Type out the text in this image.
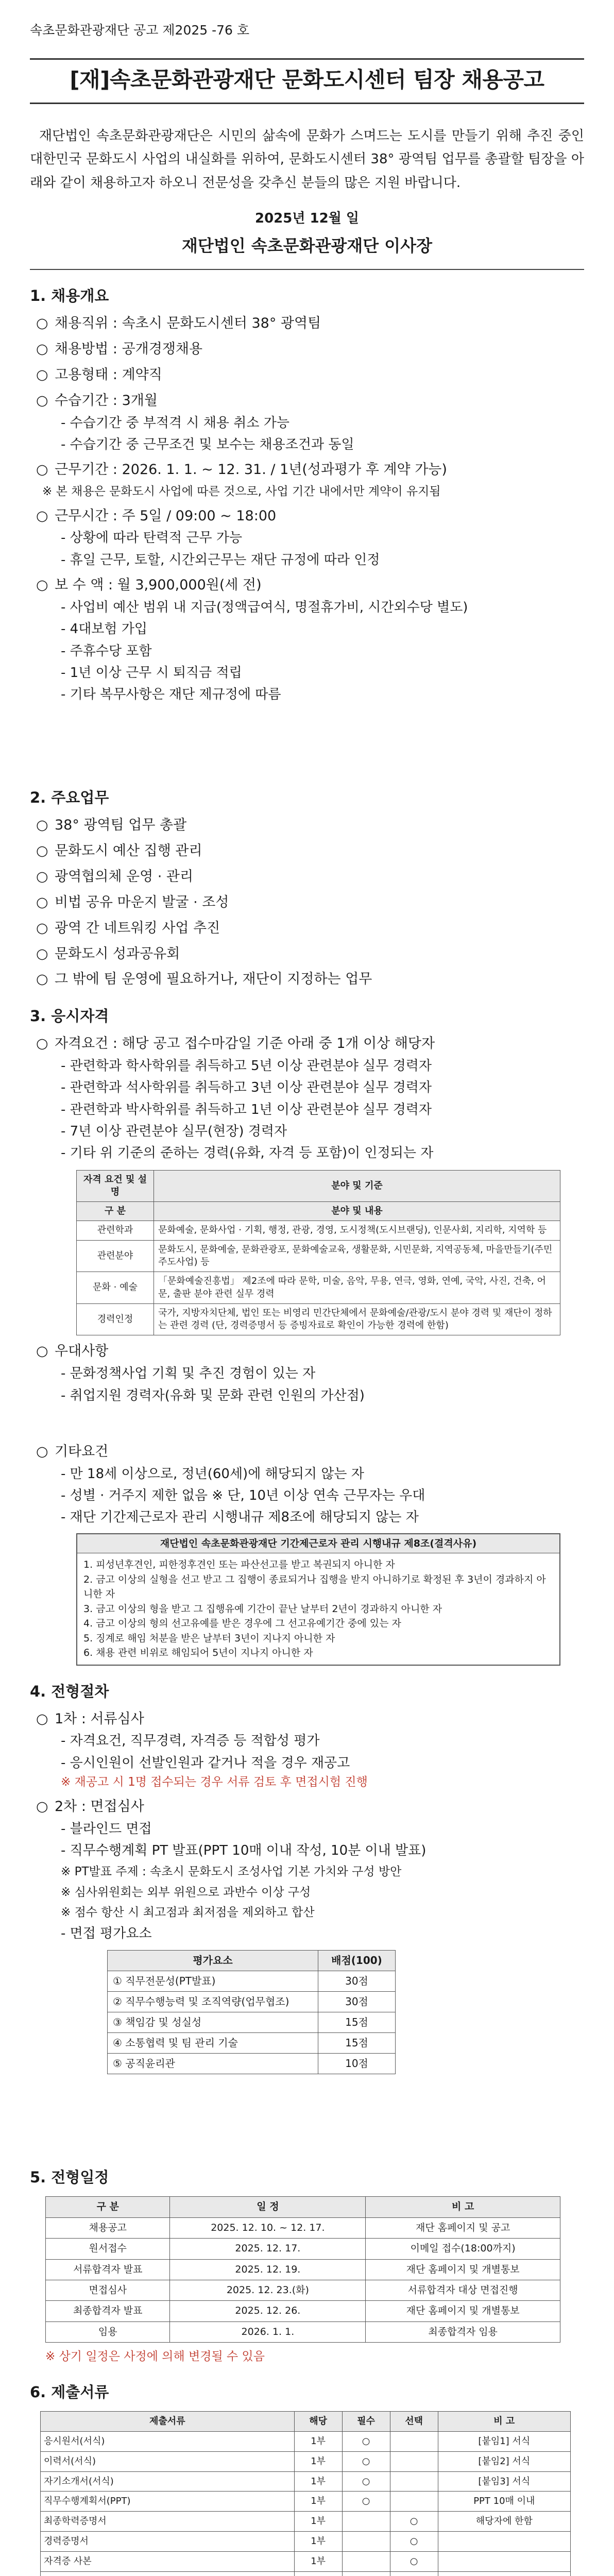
속초문화관광재단 공고 제2025 -76 호
[재]속초문화관광재단 문화도시센터 팀장 채용공고
재단법인 속초문화관광재단은 시민의 삶속에 문화가 스며드는 도시를 만들기 위해 추진 중인 대한민국 문화도시 사업의 내실화를 위하여, 문화도시센터 38° 광역팀 업무를 총괄할 팀장을 아래와 같이 채용하고자 하오니 전문성을 갖추신 분들의 많은 지원 바랍니다.
2025년 12월 일
재단법인 속초문화관광재단 이사장
1. 채용개요
○ 채용직위 : 속초시 문화도시센터 38° 광역팀
○ 채용방법 : 공개경쟁채용
○ 고용형태 : 계약직
○ 수습기간 : 3개월
- 수습기간 중 부적격 시 채용 취소 가능
- 수습기간 중 근무조건 및 보수는 채용조건과 동일
○ 근무기간 : 2026. 1. 1. ~ 12. 31. / 1년(성과평가 후 계약 가능)
※ 본 채용은 문화도시 사업에 따른 것으로, 사업 기간 내에서만 계약이 유지됨
○ 근무시간 : 주 5일 / 09:00 ~ 18:00
- 상황에 따라 탄력적 근무 가능
- 휴일 근무, 토할, 시간외근무는 재단 규정에 따라 인정
○ 보 수 액 : 월 3,900,000원(세 전)
- 사업비 예산 범위 내 지급(정액급여식, 명절휴가비, 시간외수당 별도)
- 4대보험 가입
- 주휴수당 포함
- 1년 이상 근무 시 퇴직금 적립
- 기타 복무사항은 재단 제규정에 따름
2. 주요업무
○ 38° 광역팀 업무 총괄
○ 문화도시 예산 집행 관리
○ 광역협의체 운영 · 관리
○ 비법 공유 마운지 발굴 · 조성
○ 광역 간 네트워킹 사업 추진
○ 문화도시 성과공유회
○ 그 밖에 팀 운영에 필요하거나, 재단이 지정하는 업무
3. 응시자격
○ 자격요건 : 해당 공고 접수마감일 기준 아래 중 1개 이상 해당자
- 관련학과 학사학위를 취득하고 5년 이상 관련분야 실무 경력자
- 관련학과 석사학위를 취득하고 3년 이상 관련분야 실무 경력자
- 관련학과 박사학위를 취득하고 1년 이상 관련분야 실무 경력자
- 7년 이상 관련분야 실무(현장) 경력자
- 기타 위 기준의 준하는 경력(유화, 자격 등 포함)이 인정되는 자
자격 요건 및 설명	분야 및 기준
구 분	분야 및 내용
관련학과	문화예술, 문화사업 · 기획, 행정, 관광, 경영, 도시정책(도시브랜딩), 인문사회, 지리학, 지역학 등
관련분야	문화도시, 문화예술, 문화관광포, 문화예술교육, 생활문화, 시민문화, 지역공동체, 마을만들기(주민주도사업) 등
문화 · 예술	「문화예술진흥법」 제2조에 따라 문학, 미술, 음악, 무용, 연극, 영화, 연예, 국악, 사진, 건축, 어문, 출판 분야 관련 실무 경력
경력인정	국가, 지방자치단체, 법인 또는 비영리 민간단체에서 문화예술/관광/도시 분야 경력 및 재단이 정하는 관련 경력 (단, 경력증명서 등 증빙자료로 확인이 가능한 경력에 한함)
○ 우대사항
- 문화정책사업 기획 및 추진 경험이 있는 자
- 취업지원 경력자(유화 및 문화 관련 인원의 가산점)
○ 기타요건
- 만 18세 이상으로, 정년(60세)에 해당되지 않는 자
- 성별 · 거주지 제한 없음 ※ 단, 10년 이상 연속 근무자는 우대
- 재단 기간제근로자 관리 시행내규 제8조에 해당되지 않는 자
재단법인 속초문화관광재단 기간제근로자 관리 시행내규 제8조(결격사유)
1. 피성년후견인, 피한정후견인 또는 파산선고를 받고 복권되지 아니한 자
2. 금고 이상의 실형을 선고 받고 그 집행이 종료되거나 집행을 받지 아니하기로 확정된 후 3년이 경과하지 아니한 자
3. 금고 이상의 형을 받고 그 집행유예 기간이 끝난 날부터 2년이 경과하지 아니한 자
4. 금고 이상의 형의 선고유예를 받은 경우에 그 선고유예기간 중에 있는 자
5. 징계로 해임 처분을 받은 날부터 3년이 지나지 아니한 자
6. 채용 관련 비위로 해임되어 5년이 지나지 아니한 자
4. 전형절차
○ 1차 : 서류심사
- 자격요건, 직무경력, 자격증 등 적합성 평가
- 응시인원이 선발인원과 같거나 적을 경우 재공고
※ 재공고 시 1명 접수되는 경우 서류 검토 후 면접시험 진행
○ 2차 : 면접심사
- 블라인드 면접
- 직무수행계획 PT 발표(PPT 10매 이내 작성, 10분 이내 발표)
※ PT발표 주제 : 속초시 문화도시 조성사업 기본 가치와 구성 방안
※ 심사위원회는 외부 위원으로 과반수 이상 구성
※ 점수 항산 시 최고점과 최저점을 제외하고 합산
- 면접 평가요소
평가요소	배점(100)
① 직무전문성(PT발표)	30점
② 직무수행능력 및 조직역량(업무협조)	30점
③ 책임감 및 성실성	15점
④ 소통협력 및 팀 관리 기술	15점
⑤ 공직윤리관	10점
5. 전형일정
구 분	일 정	비 고
채용공고	2025. 12. 10. ~ 12. 17.	재단 홈페이지 및 공고
원서접수	2025. 12. 17.	이메일 접수(18:00까지)
서류합격자 발표	2025. 12. 19.	재단 홈페이지 및 개별통보
면접심사	2025. 12. 23.(화)	서류합격자 대상 면접진행
최종합격자 발표	2025. 12. 26.	재단 홈페이지 및 개별통보
임용	2026. 1. 1.	최종합격자 임용
※ 상기 일정은 사정에 의해 변경될 수 있음
6. 제출서류
제출서류	해당	필수	선택	비 고
응시원서(서식)	1부	○		[붙임1] 서식
이력서(서식)	1부	○		[붙임2] 서식
자기소개서(서식)	1부	○		[붙임3] 서식
직무수행계획서(PPT)	1부	○		PPT 10매 이내
최종학력증명서	1부		○	해당자에 한함
경력증명서	1부		○	
자격증 사본	1부		○	
